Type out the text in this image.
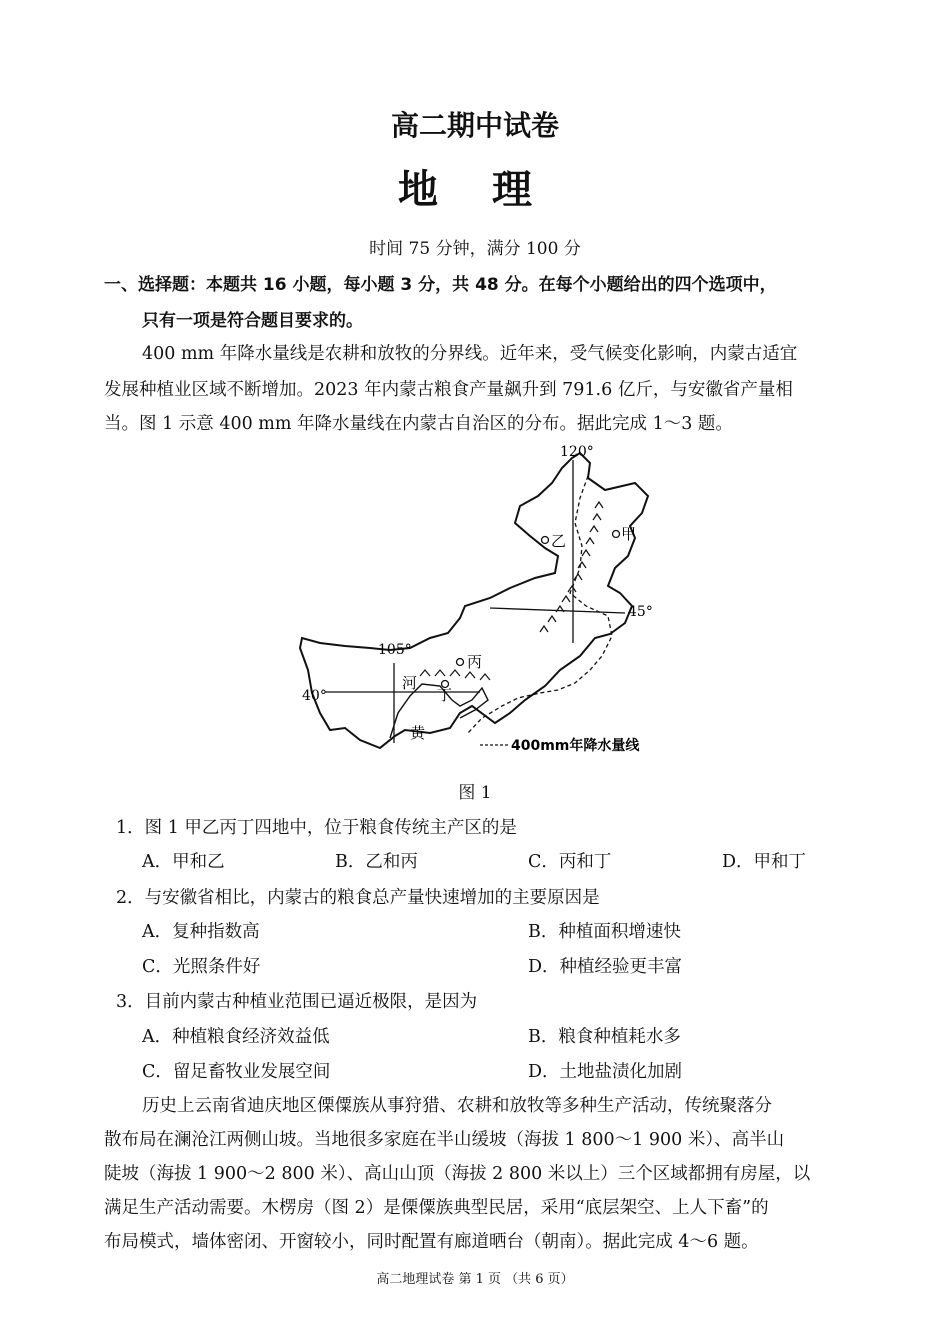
高二期中试卷
地 理
时间 75 分钟，满分 100 分
一、选择题：本题共 16 小题，每小题 3 分，共 48 分。在每个小题给出的四个选项中，
只有一项是符合题目要求的。
400 mm 年降水量线是农耕和放牧的分界线。近年来，受气候变化影响，内蒙古适宜
发展种植业区域不断增加。2023 年内蒙古粮食产量飙升到 791.6 亿斤，与安徽省产量相
当。图 1 示意 400 mm 年降水量线在内蒙古自治区的分布。据此完成 1～3 题。
120°
45°
105°
40°
甲
乙
丙
丁
河
黄
400mm年降水量线
图 1
1．图 1 甲乙丙丁四地中，位于粮食传统主产区的是
A．甲和乙	B．乙和丙	C．丙和丁	D．甲和丁
2．与安徽省相比，内蒙古的粮食总产量快速增加的主要原因是
A．复种指数高	B．种植面积增速快
C．光照条件好	D．种植经验更丰富
3．目前内蒙古种植业范围已逼近极限，是因为
A．种植粮食经济效益低	B．粮食种植耗水多
C．留足畜牧业发展空间	D．土地盐渍化加剧
历史上云南省迪庆地区傈僳族从事狩猎、农耕和放牧等多种生产活动，传统聚落分
散布局在澜沧江两侧山坡。当地很多家庭在半山缓坡（海拔 1 800～1 900 米）、高半山
陡坡（海拔 1 900～2 800 米）、高山山顶（海拔 2 800 米以上）三个区域都拥有房屋，以
满足生产活动需要。木楞房（图 2）是傈僳族典型民居，采用“底层架空、上人下畜”的
布局模式，墙体密闭、开窗较小，同时配置有廊道晒台（朝南）。据此完成 4～6 题。
高二地理试卷 第 1 页 （共 6 页）
